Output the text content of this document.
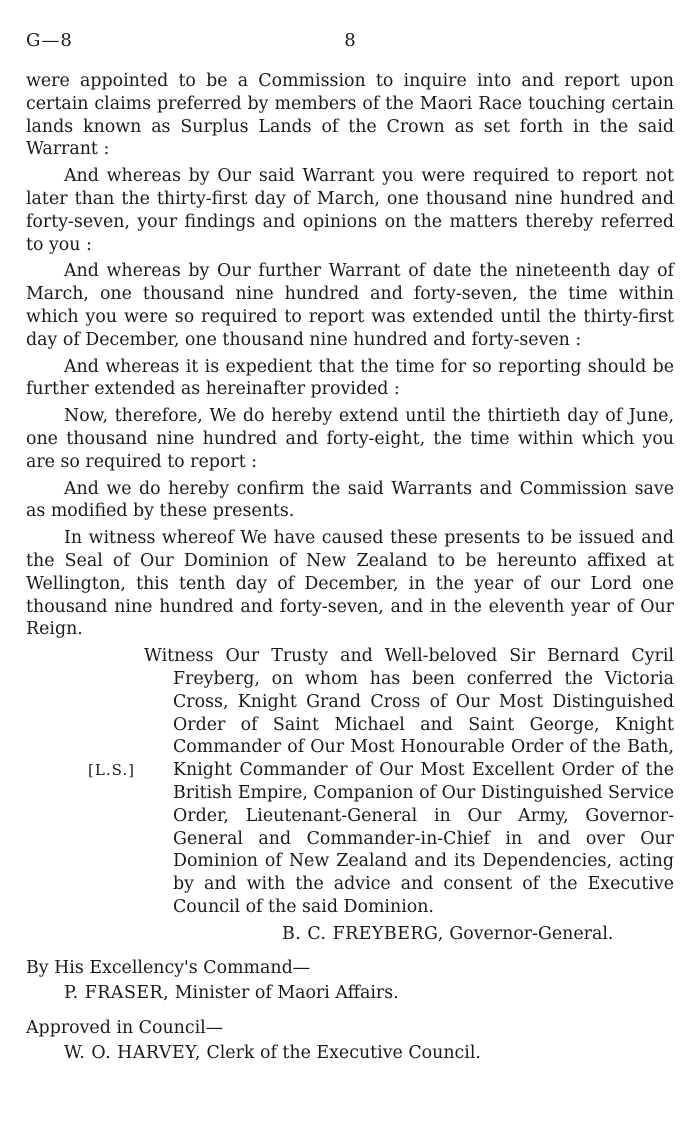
G—8	8

were appointed to be a Commission to inquire into and report upon certain claims preferred by members of the Maori Race touching certain lands known as Surplus Lands of the Crown as set forth in the said Warrant :

And whereas by Our said Warrant you were required to report not later than the thirty-first day of March, one thousand nine hundred and forty-seven, your findings and opinions on the matters thereby referred to you :

And whereas by Our further Warrant of date the nineteenth day of March, one thousand nine hundred and forty-seven, the time within which you were so required to report was extended until the thirty-first day of December, one thousand nine hundred and forty-seven :

And whereas it is expedient that the time for so reporting should be further extended as hereinafter provided :

Now, therefore, We do hereby extend until the thirtieth day of June, one thousand nine hundred and forty-eight, the time within which you are so required to report :

And we do hereby confirm the said Warrants and Commission save as modified by these presents.

In witness whereof We have caused these presents to be issued and the Seal of Our Dominion of New Zealand to be hereunto affixed at Wellington, this tenth day of December, in the year of our Lord one thousand nine hundred and forty-seven, and in the eleventh year of Our Reign.

[L.S.]

Witness Our Trusty and Well-beloved Sir Bernard Cyril Freyberg, on whom has been conferred the Victoria Cross, Knight Grand Cross of Our Most Distinguished Order of Saint Michael and Saint George, Knight Commander of Our Most Honourable Order of the Bath, Knight Commander of Our Most Excellent Order of the British Empire, Companion of Our Distinguished Service Order, Lieutenant-General in Our Army, Governor-General and Commander-in-Chief in and over Our Dominion of New Zealand and its Dependencies, acting by and with the advice and consent of the Executive Council of the said Dominion.

B. C. FREYBERG, Governor-General.

By His Excellency's Command—

P. FRASER, Minister of Maori Affairs.

Approved in Council—

W. O. HARVEY, Clerk of the Executive Council.
